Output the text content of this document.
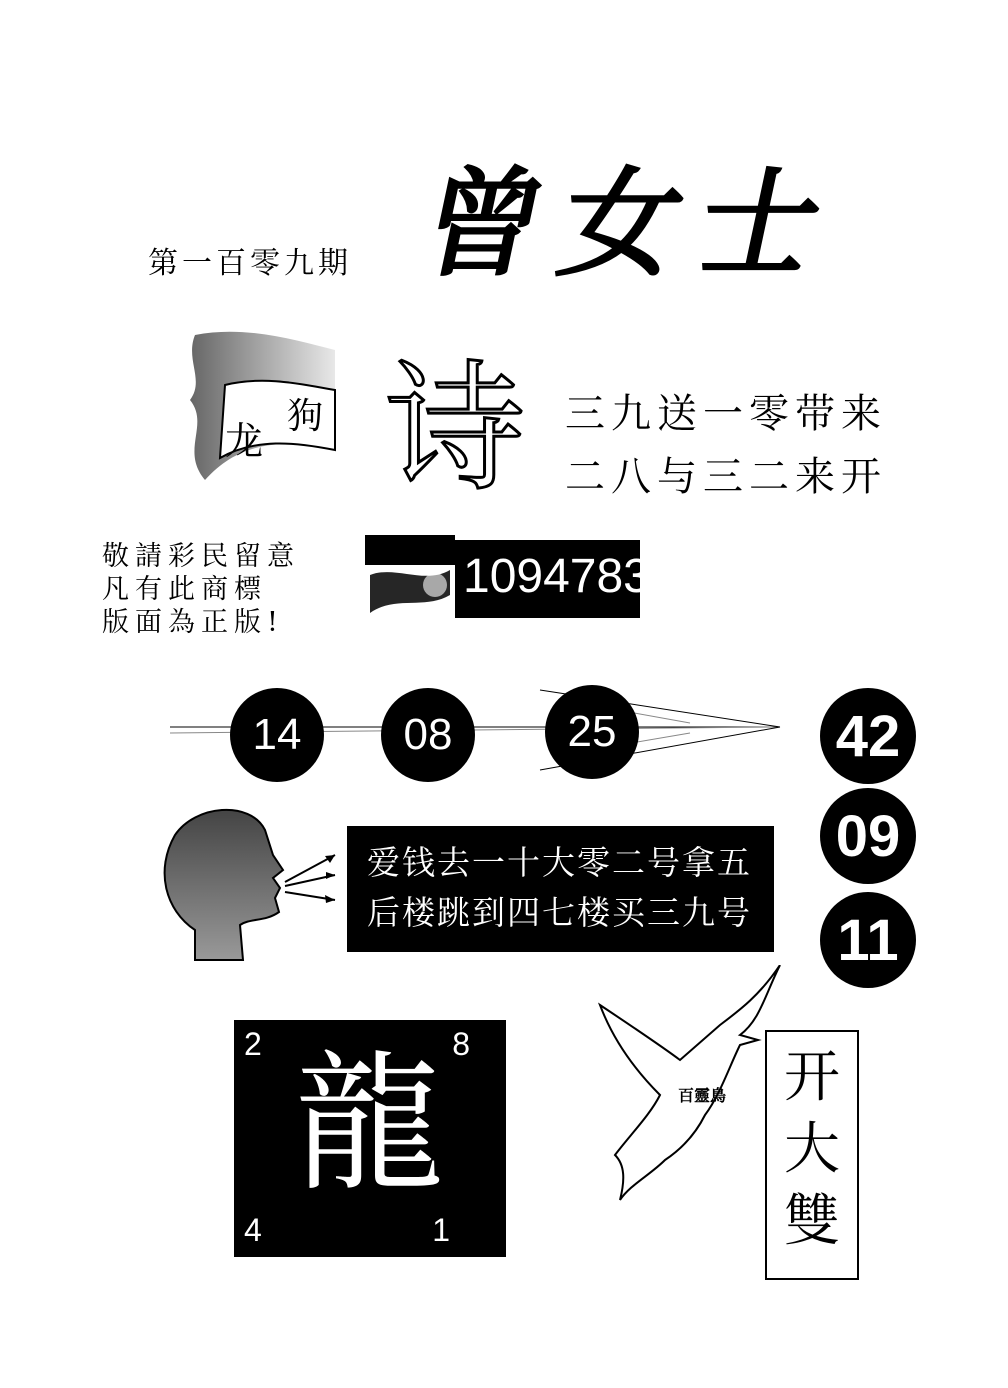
第一百零九期 曾女士
龙
狗 诗 三九送一零带来
二八与三二来开
敬請彩民留意
凡有此商標
版面為正版!
1094783
14	08	25	42
09
11
爱钱去一十大零二号拿五
后楼跳到四七楼买三九号
2	8
4	1
龍	百靈鳥	开
大
雙
